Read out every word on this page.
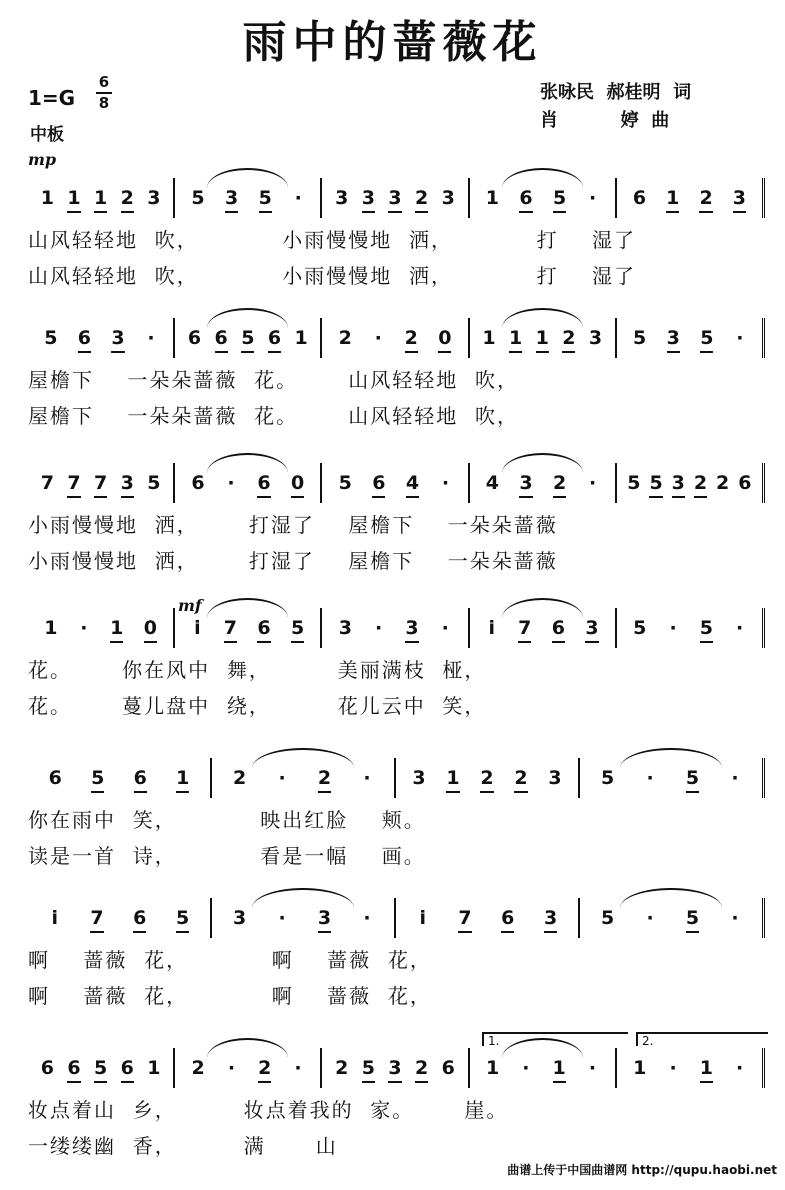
雨中的蔷薇花
1=G
6
8
中板
张咏民  郝桂明  词
肖          婷  曲
mp
mf
1 1 1 2 3 5 3 5 · 3 3 3 2 3 1 6 5 · 6 1 2 3
山风轻轻地  吹，          小雨慢慢地  洒，          打    湿了
山风轻轻地  吹，          小雨慢慢地  洒，          打    湿了
5 6 3 · 6 6 5 6 1 2 · 2 0 1 1 1 2 3 5 3 5 ·
屋檐下    一朵朵蔷薇  花。      山风轻轻地  吹，
屋檐下    一朵朵蔷薇  花。      山风轻轻地  吹，
7 7 7 3 5 6 · 6 0 5 6 4 · 4 3 2 · 5 5 3 2 2 6
小雨慢慢地  洒，      打湿了    屋檐下    一朵朵蔷薇
小雨慢慢地  洒，      打湿了    屋檐下    一朵朵蔷薇
1 · 1 0 i 7 6 5 3 · 3 · i 7 6 3 5 · 5 ·
花。      你在风中  舞，        美丽满枝  桠，
花。      蔓儿盘中  绕，        花儿云中  笑，
6 5 6 1 2 · 2 · 3 1 2 2 3 5 · 5 ·
你在雨中  笑，          映出红脸    颊。
读是一首  诗，          看是一幅    画。
i 7 6 5 3 · 3 ·	i 7 6 3 5 · 5 ·
啊    蔷薇  花，          啊    蔷薇  花，
啊    蔷薇  花，          啊    蔷薇  花，
6 6 5 6 1 2 · 2 · 2 5 3 2 6 1 · 1 · 1 · 1 ·
1.	2.
妆点着山  乡，        妆点着我的  家。      崖。
一缕缕幽  香，        满      山
曲谱上传于中国曲谱网 http://qupu.haobi.net
